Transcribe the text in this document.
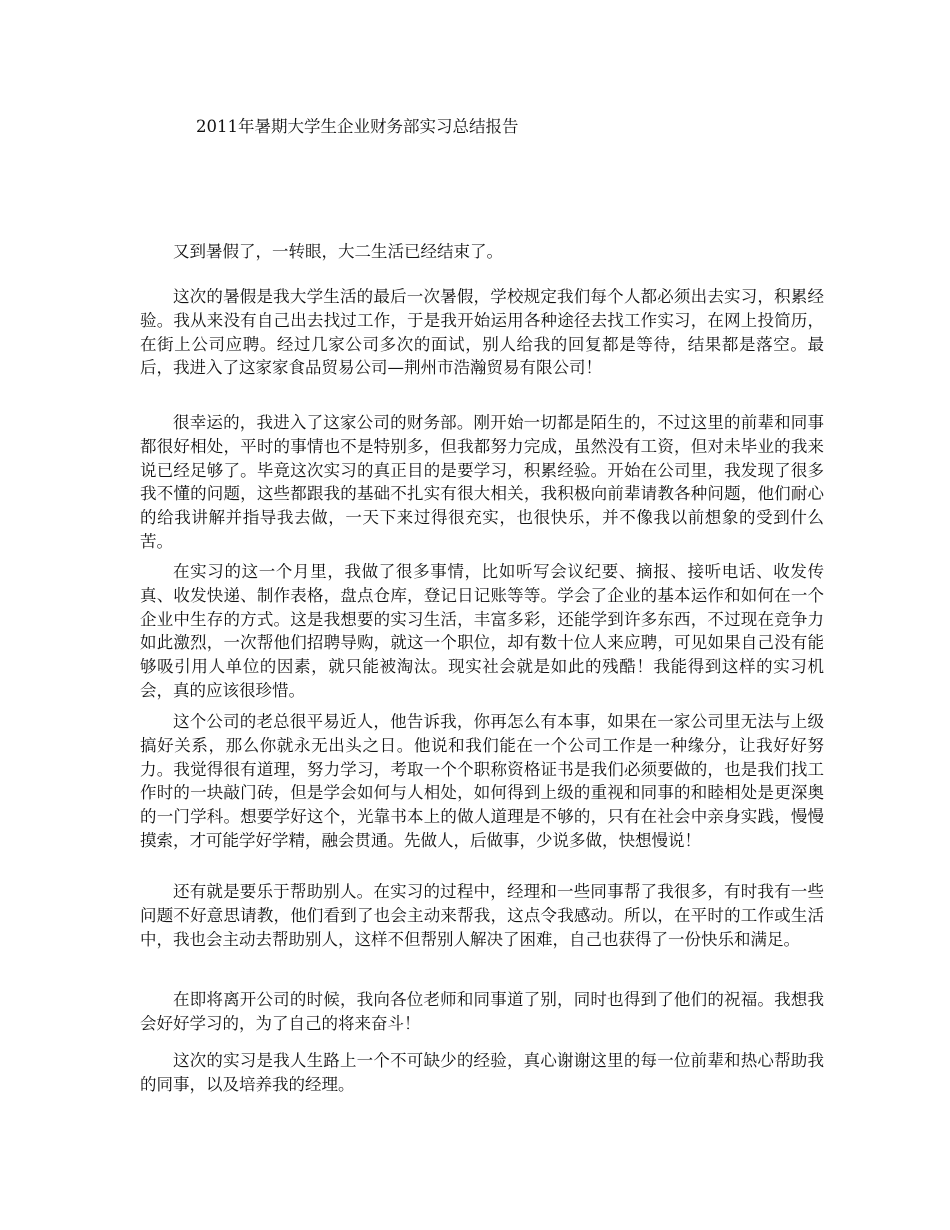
2011年暑期大学生企业财务部实习总结报告

又到暑假了，一转眼，大二生活已经结束了。

这次的暑假是我大学生活的最后一次暑假，学校规定我们每个人都必须出去实习，积累经验。我从来没有自己出去找过工作，于是我开始运用各种途径去找工作实习，在网上投简历，在街上公司应聘。经过几家公司多次的面试，别人给我的回复都是等待，结果都是落空。最后，我进入了这家家食品贸易公司—荆州市浩瀚贸易有限公司！

很幸运的，我进入了这家公司的财务部。刚开始一切都是陌生的，不过这里的前辈和同事都很好相处，平时的事情也不是特别多，但我都努力完成，虽然没有工资，但对未毕业的我来说已经足够了。毕竟这次实习的真正目的是要学习，积累经验。开始在公司里，我发现了很多我不懂的问题，这些都跟我的基础不扎实有很大相关，我积极向前辈请教各种问题，他们耐心的给我讲解并指导我去做，一天下来过得很充实，也很快乐，并不像我以前想象的受到什么苦。

在实习的这一个月里，我做了很多事情，比如听写会议纪要、摘报、接听电话、收发传真、收发快递、制作表格，盘点仓库，登记日记账等等。学会了企业的基本运作和如何在一个企业中生存的方式。这是我想要的实习生活，丰富多彩，还能学到许多东西，不过现在竞争力如此激烈，一次帮他们招聘导购，就这一个职位，却有数十位人来应聘，可见如果自己没有能够吸引用人单位的因素，就只能被淘汰。现实社会就是如此的残酷！我能得到这样的实习机会，真的应该很珍惜。

这个公司的老总很平易近人，他告诉我，你再怎么有本事，如果在一家公司里无法与上级搞好关系，那么你就永无出头之日。他说和我们能在一个公司工作是一种缘分，让我好好努力。我觉得很有道理，努力学习，考取一个个职称资格证书是我们必须要做的，也是我们找工作时的一块敲门砖，但是学会如何与人相处，如何得到上级的重视和同事的和睦相处是更深奥的一门学科。想要学好这个，光靠书本上的做人道理是不够的，只有在社会中亲身实践，慢慢摸索，才可能学好学精，融会贯通。先做人，后做事，少说多做，快想慢说！

还有就是要乐于帮助别人。在实习的过程中，经理和一些同事帮了我很多，有时我有一些问题不好意思请教，他们看到了也会主动来帮我，这点令我感动。所以，在平时的工作或生活中，我也会主动去帮助别人，这样不但帮别人解决了困难，自己也获得了一份快乐和满足。

在即将离开公司的时候，我向各位老师和同事道了别，同时也得到了他们的祝福。我想我会好好学习的，为了自己的将来奋斗！

这次的实习是我人生路上一个不可缺少的经验，真心谢谢这里的每一位前辈和热心帮助我的同事，以及培养我的经理。
